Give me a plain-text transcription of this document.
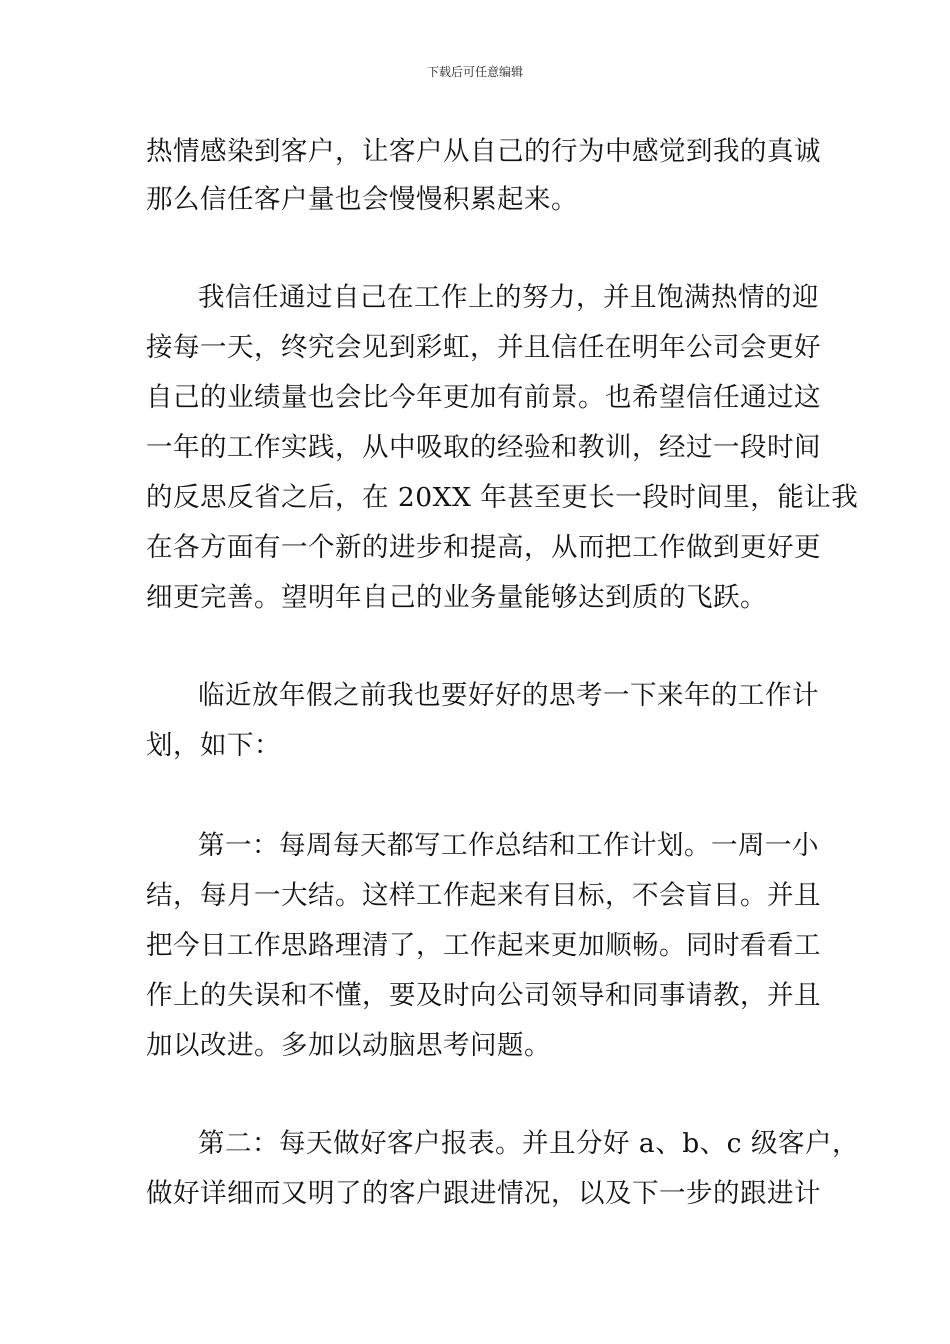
下载后可任意编辑
热情感染到客户，让客户从自己的行为中感觉到我的真诚
那么信任客户量也会慢慢积累起来。
我信任通过自己在工作上的努力，并且饱满热情的迎
接每一天，终究会见到彩虹，并且信任在明年公司会更好
自己的业绩量也会比今年更加有前景。也希望信任通过这
一年的工作实践，从中吸取的经验和教训，经过一段时间
的反思反省之后，在 20XX 年甚至更长一段时间里，能让我
在各方面有一个新的进步和提高，从而把工作做到更好更
细更完善。望明年自己的业务量能够达到质的飞跃。
临近放年假之前我也要好好的思考一下来年的工作计
划，如下：
第一：每周每天都写工作总结和工作计划。一周一小
结，每月一大结。这样工作起来有目标，不会盲目。并且
把今日工作思路理清了，工作起来更加顺畅。同时看看工
作上的失误和不懂，要及时向公司领导和同事请教，并且
加以改进。多加以动脑思考问题。
第二：每天做好客户报表。并且分好 a、b、c 级客户，
做好详细而又明了的客户跟进情况，以及下一步的跟进计
